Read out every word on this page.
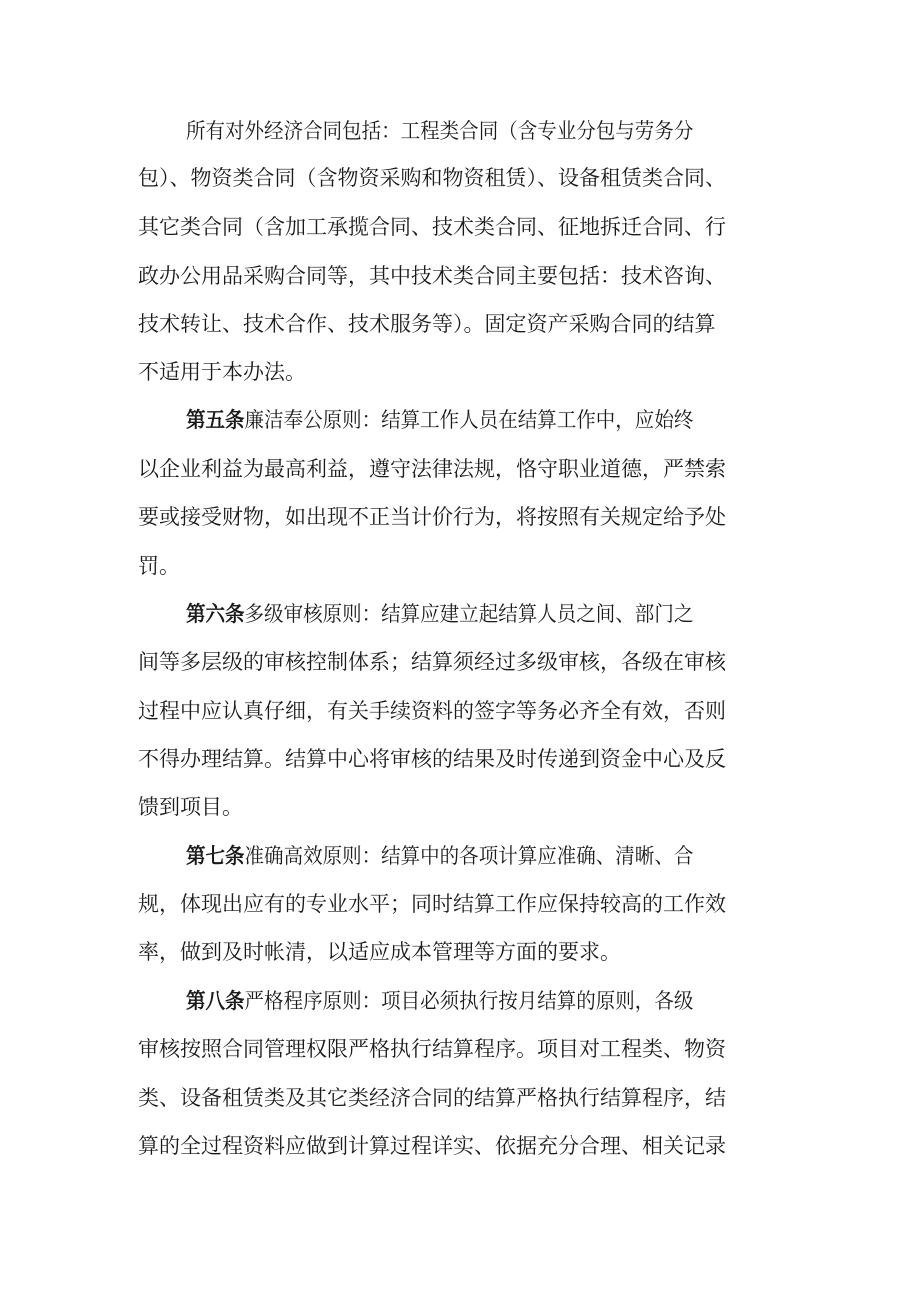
所有对外经济合同包括：工程类合同（含专业分包与劳务分
包）、物资类合同（含物资采购和物资租赁）、设备租赁类合同、
其它类合同（含加工承揽合同、技术类合同、征地拆迁合同、行
政办公用品采购合同等，其中技术类合同主要包括：技术咨询、
技术转让、技术合作、技术服务等）。固定资产采购合同的结算
不适用于本办法。
第五条廉洁奉公原则：结算工作人员在结算工作中，应始终
以企业利益为最高利益，遵守法律法规，恪守职业道德，严禁索
要或接受财物，如出现不正当计价行为，将按照有关规定给予处
罚。
第六条多级审核原则：结算应建立起结算人员之间、部门之
间等多层级的审核控制体系；结算须经过多级审核，各级在审核
过程中应认真仔细，有关手续资料的签字等务必齐全有效，否则
不得办理结算。结算中心将审核的结果及时传递到资金中心及反
馈到项目。
第七条准确高效原则：结算中的各项计算应准确、清晰、合
规，体现出应有的专业水平；同时结算工作应保持较高的工作效
率，做到及时帐清，以适应成本管理等方面的要求。
第八条严格程序原则：项目必须执行按月结算的原则，各级
审核按照合同管理权限严格执行结算程序。项目对工程类、物资
类、设备租赁类及其它类经济合同的结算严格执行结算程序，结
算的全过程资料应做到计算过程详实、依据充分合理、相关记录
